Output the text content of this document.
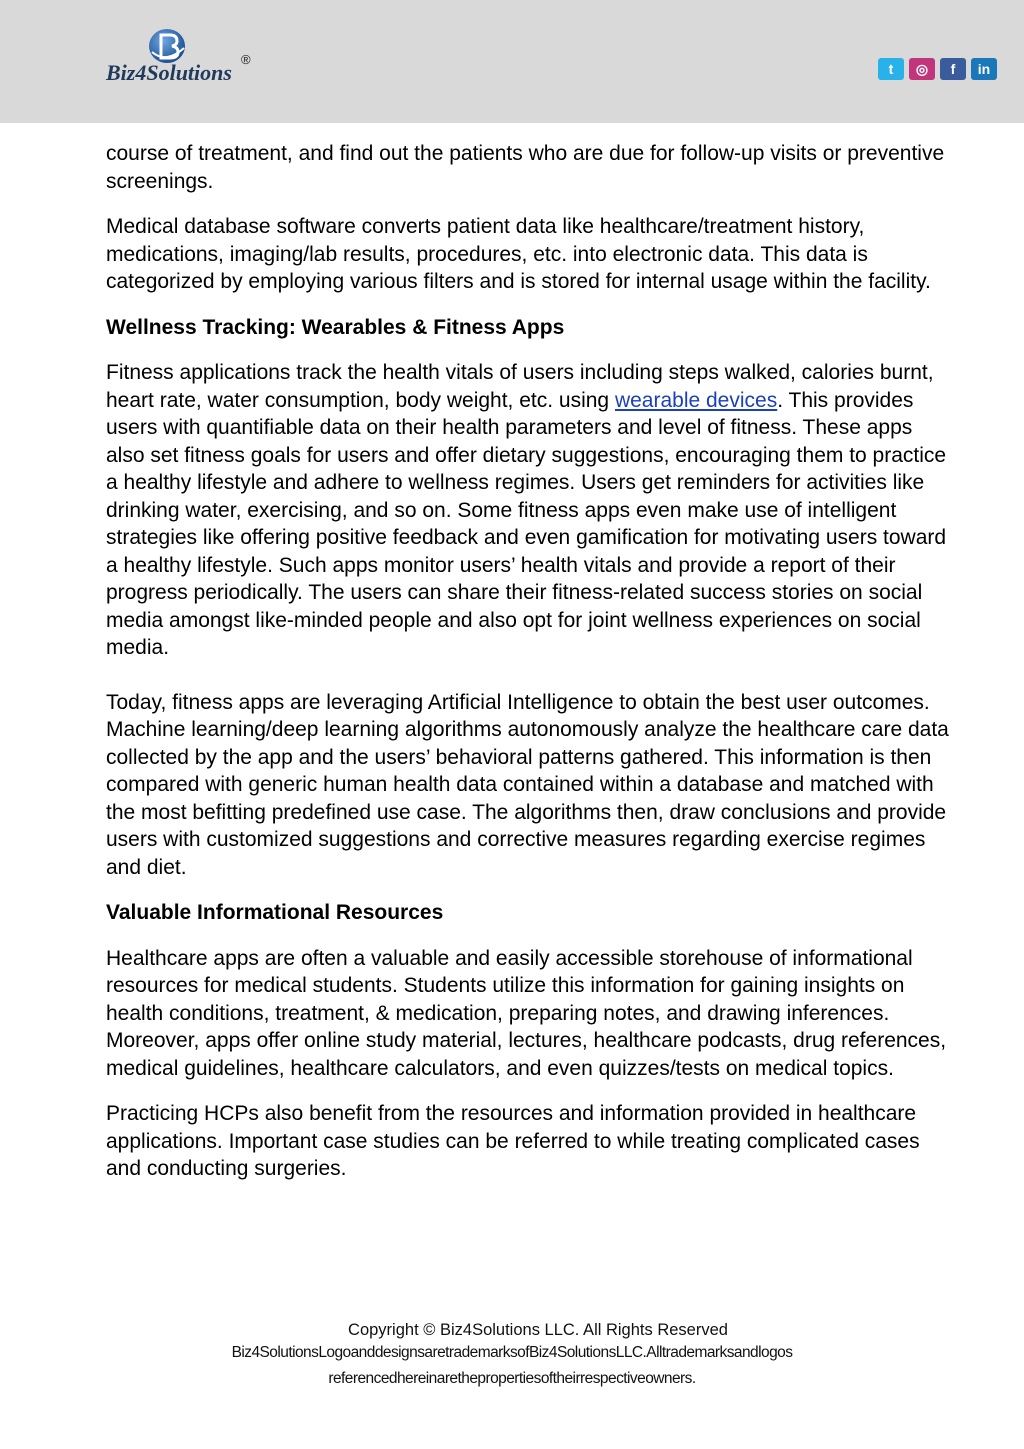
Biz4Solutions
®
t	◎	f	in

course of treatment, and find out the patients who are due for follow-up visits or preventive screenings.

Medical database software converts patient data like healthcare/treatment history, medications, imaging/lab results, procedures, etc. into electronic data. This data is categorized by employing various filters and is stored for internal usage within the facility.

Wellness Tracking: Wearables & Fitness Apps

Fitness applications track the health vitals of users including steps walked, calories burnt, heart rate, water consumption, body weight, etc. using wearable devices. This provides users with quantifiable data on their health parameters and level of fitness. These apps also set fitness goals for users and offer dietary suggestions, encouraging them to practice a healthy lifestyle and adhere to wellness regimes. Users get reminders for activities like drinking water, exercising, and so on. Some fitness apps even make use of intelligent strategies like offering positive feedback and even gamification for motivating users toward a healthy lifestyle. Such apps monitor users’ health vitals and provide a report of their progress periodically. The users can share their fitness-related success stories on social media amongst like-minded people and also opt for joint wellness experiences on social media.

Today, fitness apps are leveraging Artificial Intelligence to obtain the best user outcomes. Machine learning/deep learning algorithms autonomously analyze the healthcare care data collected by the app and the users’ behavioral patterns gathered. This information is then compared with generic human health data contained within a database and matched with the most befitting predefined use case. The algorithms then, draw conclusions and provide users with customized suggestions and corrective measures regarding exercise regimes and diet.

Valuable Informational Resources

Healthcare apps are often a valuable and easily accessible storehouse of informational resources for medical students. Students utilize this information for gaining insights on health conditions, treatment, & medication, preparing notes, and drawing inferences. Moreover, apps offer online study material, lectures, healthcare podcasts, drug references, medical guidelines, healthcare calculators, and even quizzes/tests on medical topics.

Practicing HCPs also benefit from the resources and information provided in healthcare applications. Important case studies can be referred to while treating complicated cases and conducting surgeries.

Copyright © Biz4Solutions LLC. All Rights Reserved
Biz4SolutionsLogoanddesignsaretrademarksofBiz4SolutionsLLC.Alltrademarksandlogos
referencedhereinarethepropertiesoftheirrespectiveowners.
